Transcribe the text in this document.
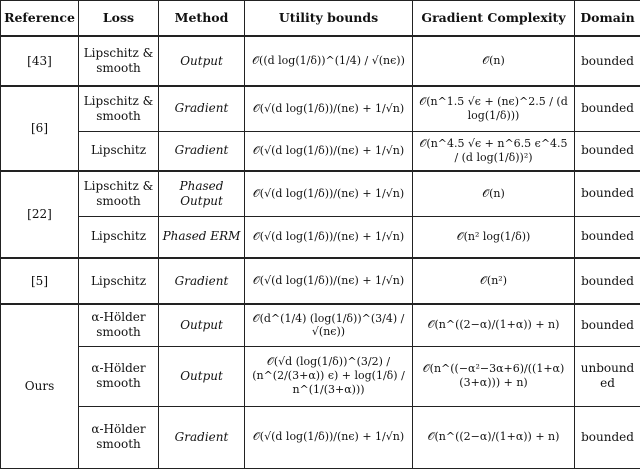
Reference	Loss	Method	Utility bounds	Gradient Complexity	Domain
[43]	Lipschitz & smooth	Output	𝒪((d log(1/δ))^(1/4) / √(nϵ))	𝒪(n)	bounded
[6]	Lipschitz & smooth	Gradient	𝒪(√(d log(1/δ))/(nϵ) + 1/√n)	𝒪(n^1.5 √ϵ + (nϵ)^2.5 / (d log(1/δ)))	bounded
	Lipschitz	Gradient	𝒪(√(d log(1/δ))/(nϵ) + 1/√n)	𝒪(n^4.5 √ϵ + n^6.5 ϵ^4.5 / (d log(1/δ))²)	bounded
[22]	Lipschitz & smooth	Phased Output	𝒪(√(d log(1/δ))/(nϵ) + 1/√n)	𝒪(n)	bounded
	Lipschitz	Phased ERM	𝒪(√(d log(1/δ))/(nϵ) + 1/√n)	𝒪(n² log(1/δ))	bounded
[5]	Lipschitz	Gradient	𝒪(√(d log(1/δ))/(nϵ) + 1/√n)	𝒪(n²)	bounded
Ours	α-Hölder smooth	Output	𝒪(d^(1/4) (log(1/δ))^(3/4) / √(nϵ))	𝒪(n^((2−α)/(1+α)) + n)	bounded
	α-Hölder smooth	Output	𝒪(√d (log(1/δ))^(3/2) / (n^(2/(3+α)) ϵ) + log(1/δ) / n^(1/(3+α)))	𝒪(n^((−α²−3α+6)/((1+α)(3+α))) + n)	unbounded
	α-Hölder smooth	Gradient	𝒪(√(d log(1/δ))/(nϵ) + 1/√n)	𝒪(n^((2−α)/(1+α)) + n)	bounded
